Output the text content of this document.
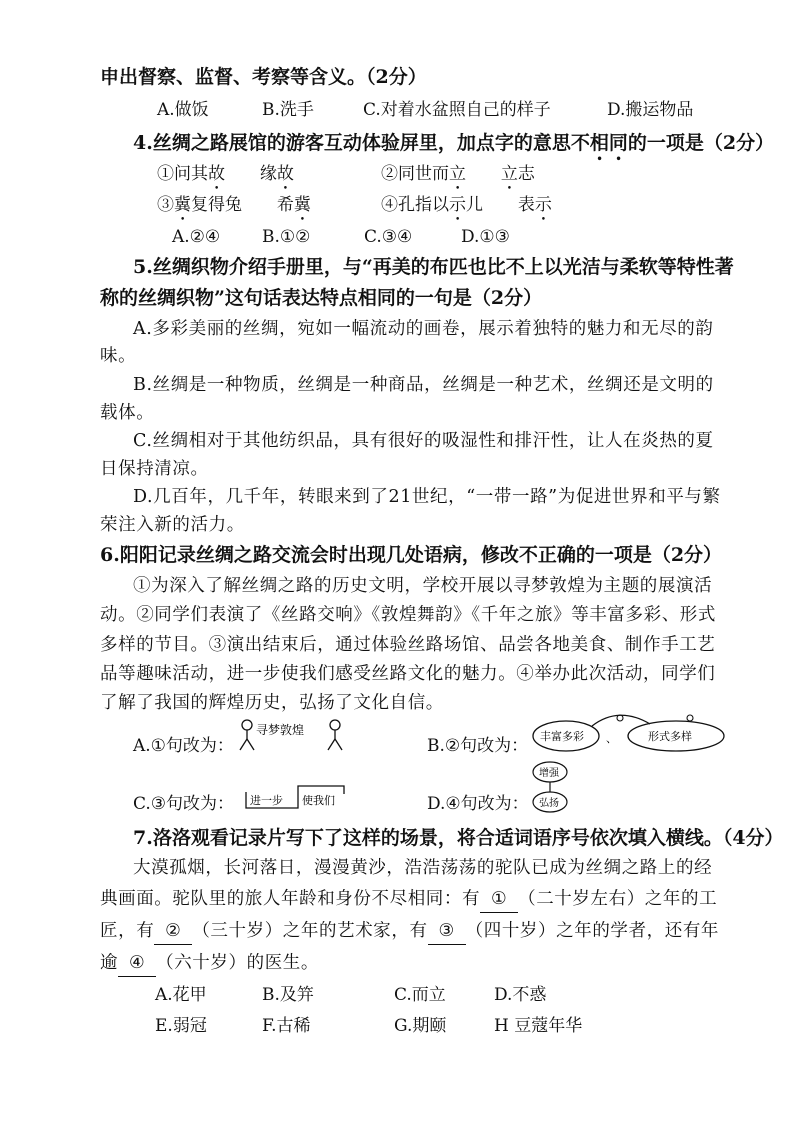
申出督察、监督、考察等含义。（2分）
A.做饭	B.洗手	C.对着水盆照自己的样子	D.搬运物品
4.丝绸之路展馆的游客互动体验屏里，加点字的意思不相同的一项是（2分）
①问其故 缘故	②同世而立 立志
③冀复得兔 希冀	④孔指以示儿 表示
A.②④ B.①②	C.③④	D.①③
5.丝绸织物介绍手册里，与“再美的布匹也比不上以光洁与柔软等特性著
称的丝绸织物”这句话表达特点相同的一句是（2分）
A.多彩美丽的丝绸，宛如一幅流动的画卷，展示着独特的魅力和无尽的韵
味。
B.丝绸是一种物质，丝绸是一种商品，丝绸是一种艺术，丝绸还是文明的
载体。
C.丝绸相对于其他纺织品，具有很好的吸湿性和排汗性，让人在炎热的夏
日保持清凉。
D.几百年，几千年，转眼来到了21世纪，“一带一路”为促进世界和平与繁
荣注入新的活力。
6.阳阳记录丝绸之路交流会时出现几处语病，修改不正确的一项是（2分）
①为深入了解丝绸之路的历史文明，学校开展以寻梦敦煌为主题的展演活
动。②同学们表演了《丝路交响》《敦煌舞韵》《千年之旅》等丰富多彩、形式
多样的节目。③演出结束后，通过体验丝路场馆、品尝各地美食、制作手工艺
品等趣味活动，进一步使我们感受丝路文化的魅力。④举办此次活动，同学们
了解了我国的辉煌历史，弘扬了文化自信。
A.①句改为：
寻梦敦煌
B.②句改为： 丰富多彩 、	形式多样
C.③句改为： 进一步 使我们	D.④句改为：
增强
弘扬
7.洛洛观看记录片写下了这样的场景，将合适词语序号依次填入横线。（4分）
大漠孤烟，长河落日，漫漫黄沙，浩浩荡荡的驼队已成为丝绸之路上的经
典画面。驼队里的旅人年龄和身份不尽相同：有 ① （二十岁左右）之年的工
匠，有 ② （三十岁）之年的艺术家，有 ③ （四十岁）之年的学者，还有年
逾 ④ （六十岁）的医生。
A.花甲	B.及笄	C.而立	D.不惑
E.弱冠	F.古稀	G.期颐	H 豆蔻年华
